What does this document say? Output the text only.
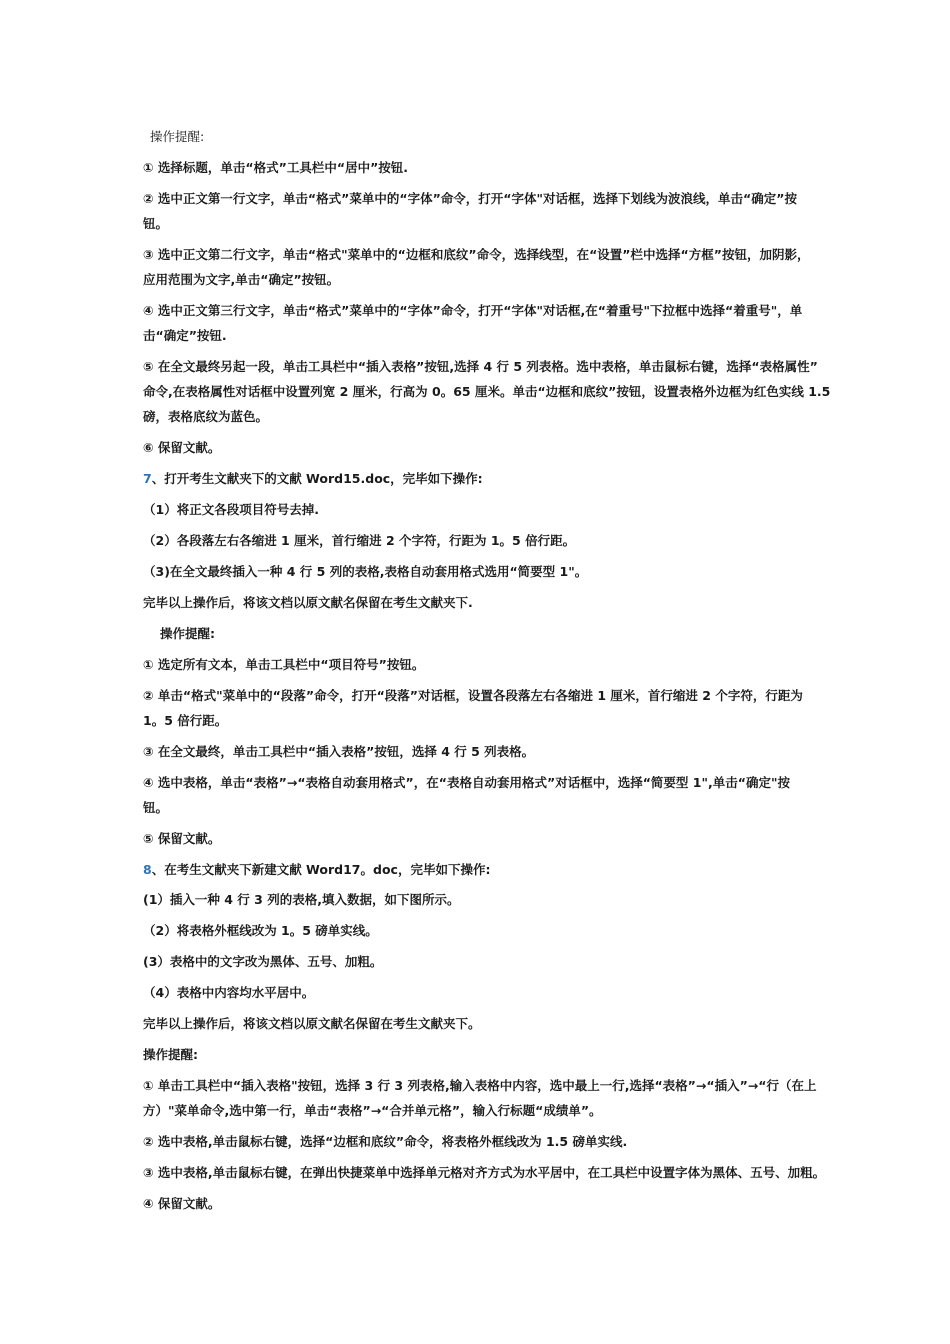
操作提醒:
① 选择标题，单击“格式”工具栏中“居中”按钮.
② 选中正文第一行文字，单击“格式”菜单中的“字体”命令，打开“字体"对话框，选择下划线为波浪线，单击“确定”按
钮。
③ 选中正文第二行文字，单击“格式"菜单中的“边框和底纹”命令，选择线型，在“设置”栏中选择“方框”按钮，加阴影，
应用范围为文字,单击“确定”按钮。
④ 选中正文第三行文字，单击“格式”菜单中的“字体”命令，打开“字体"对话框,在“着重号"下拉框中选择“着重号"，单
击“确定”按钮.
⑤ 在全文最终另起一段，单击工具栏中“插入表格”按钮,选择 4 行 5 列表格。选中表格，单击鼠标右键，选择“表格属性”
命令,在表格属性对话框中设置列宽 2 厘米，行高为 0。65 厘米。单击“边框和底纹”按钮，设置表格外边框为红色实线 1.5
磅，表格底纹为蓝色。
⑥ 保留文献。
7、打开考生文献夹下的文献 Word15.doc，完毕如下操作:
（1）将正文各段项目符号去掉.
（2）各段落左右各缩进 1 厘米，首行缩进 2 个字符，行距为 1。5 倍行距。
（3)在全文最终插入一种 4 行 5 列的表格,表格自动套用格式选用“简要型 1"。
完毕以上操作后，将该文档以原文献名保留在考生文献夹下.
操作提醒:
① 选定所有文本，单击工具栏中“项目符号”按钮。
② 单击“格式"菜单中的“段落”命令，打开“段落”对话框，设置各段落左右各缩进 1 厘米，首行缩进 2 个字符，行距为
1。5 倍行距。
③ 在全文最终，单击工具栏中“插入表格”按钮，选择 4 行 5 列表格。
④ 选中表格，单击“表格”→“表格自动套用格式”，在“表格自动套用格式”对话框中，选择“简要型 1",单击“确定"按
钮。
⑤ 保留文献。
8、在考生文献夹下新建文献 Word17。doc，完毕如下操作:
(1）插入一种 4 行 3 列的表格,填入数据，如下图所示。
（2）将表格外框线改为 1。5 磅单实线。
(3）表格中的文字改为黑体、五号、加粗。
（4）表格中内容均水平居中。
完毕以上操作后，将该文档以原文献名保留在考生文献夹下。
操作提醒:
① 单击工具栏中“插入表格"按钮，选择 3 行 3 列表格,输入表格中内容，选中最上一行,选择“表格”→“插入”→“行（在上
方）"菜单命令,选中第一行，单击“表格”→“合并单元格”，输入行标题“成绩单”。
② 选中表格,单击鼠标右键，选择“边框和底纹”命令，将表格外框线改为 1.5 磅单实线.
③ 选中表格,单击鼠标右键，在弹出快捷菜单中选择单元格对齐方式为水平居中，在工具栏中设置字体为黑体、五号、加粗。
④ 保留文献。
